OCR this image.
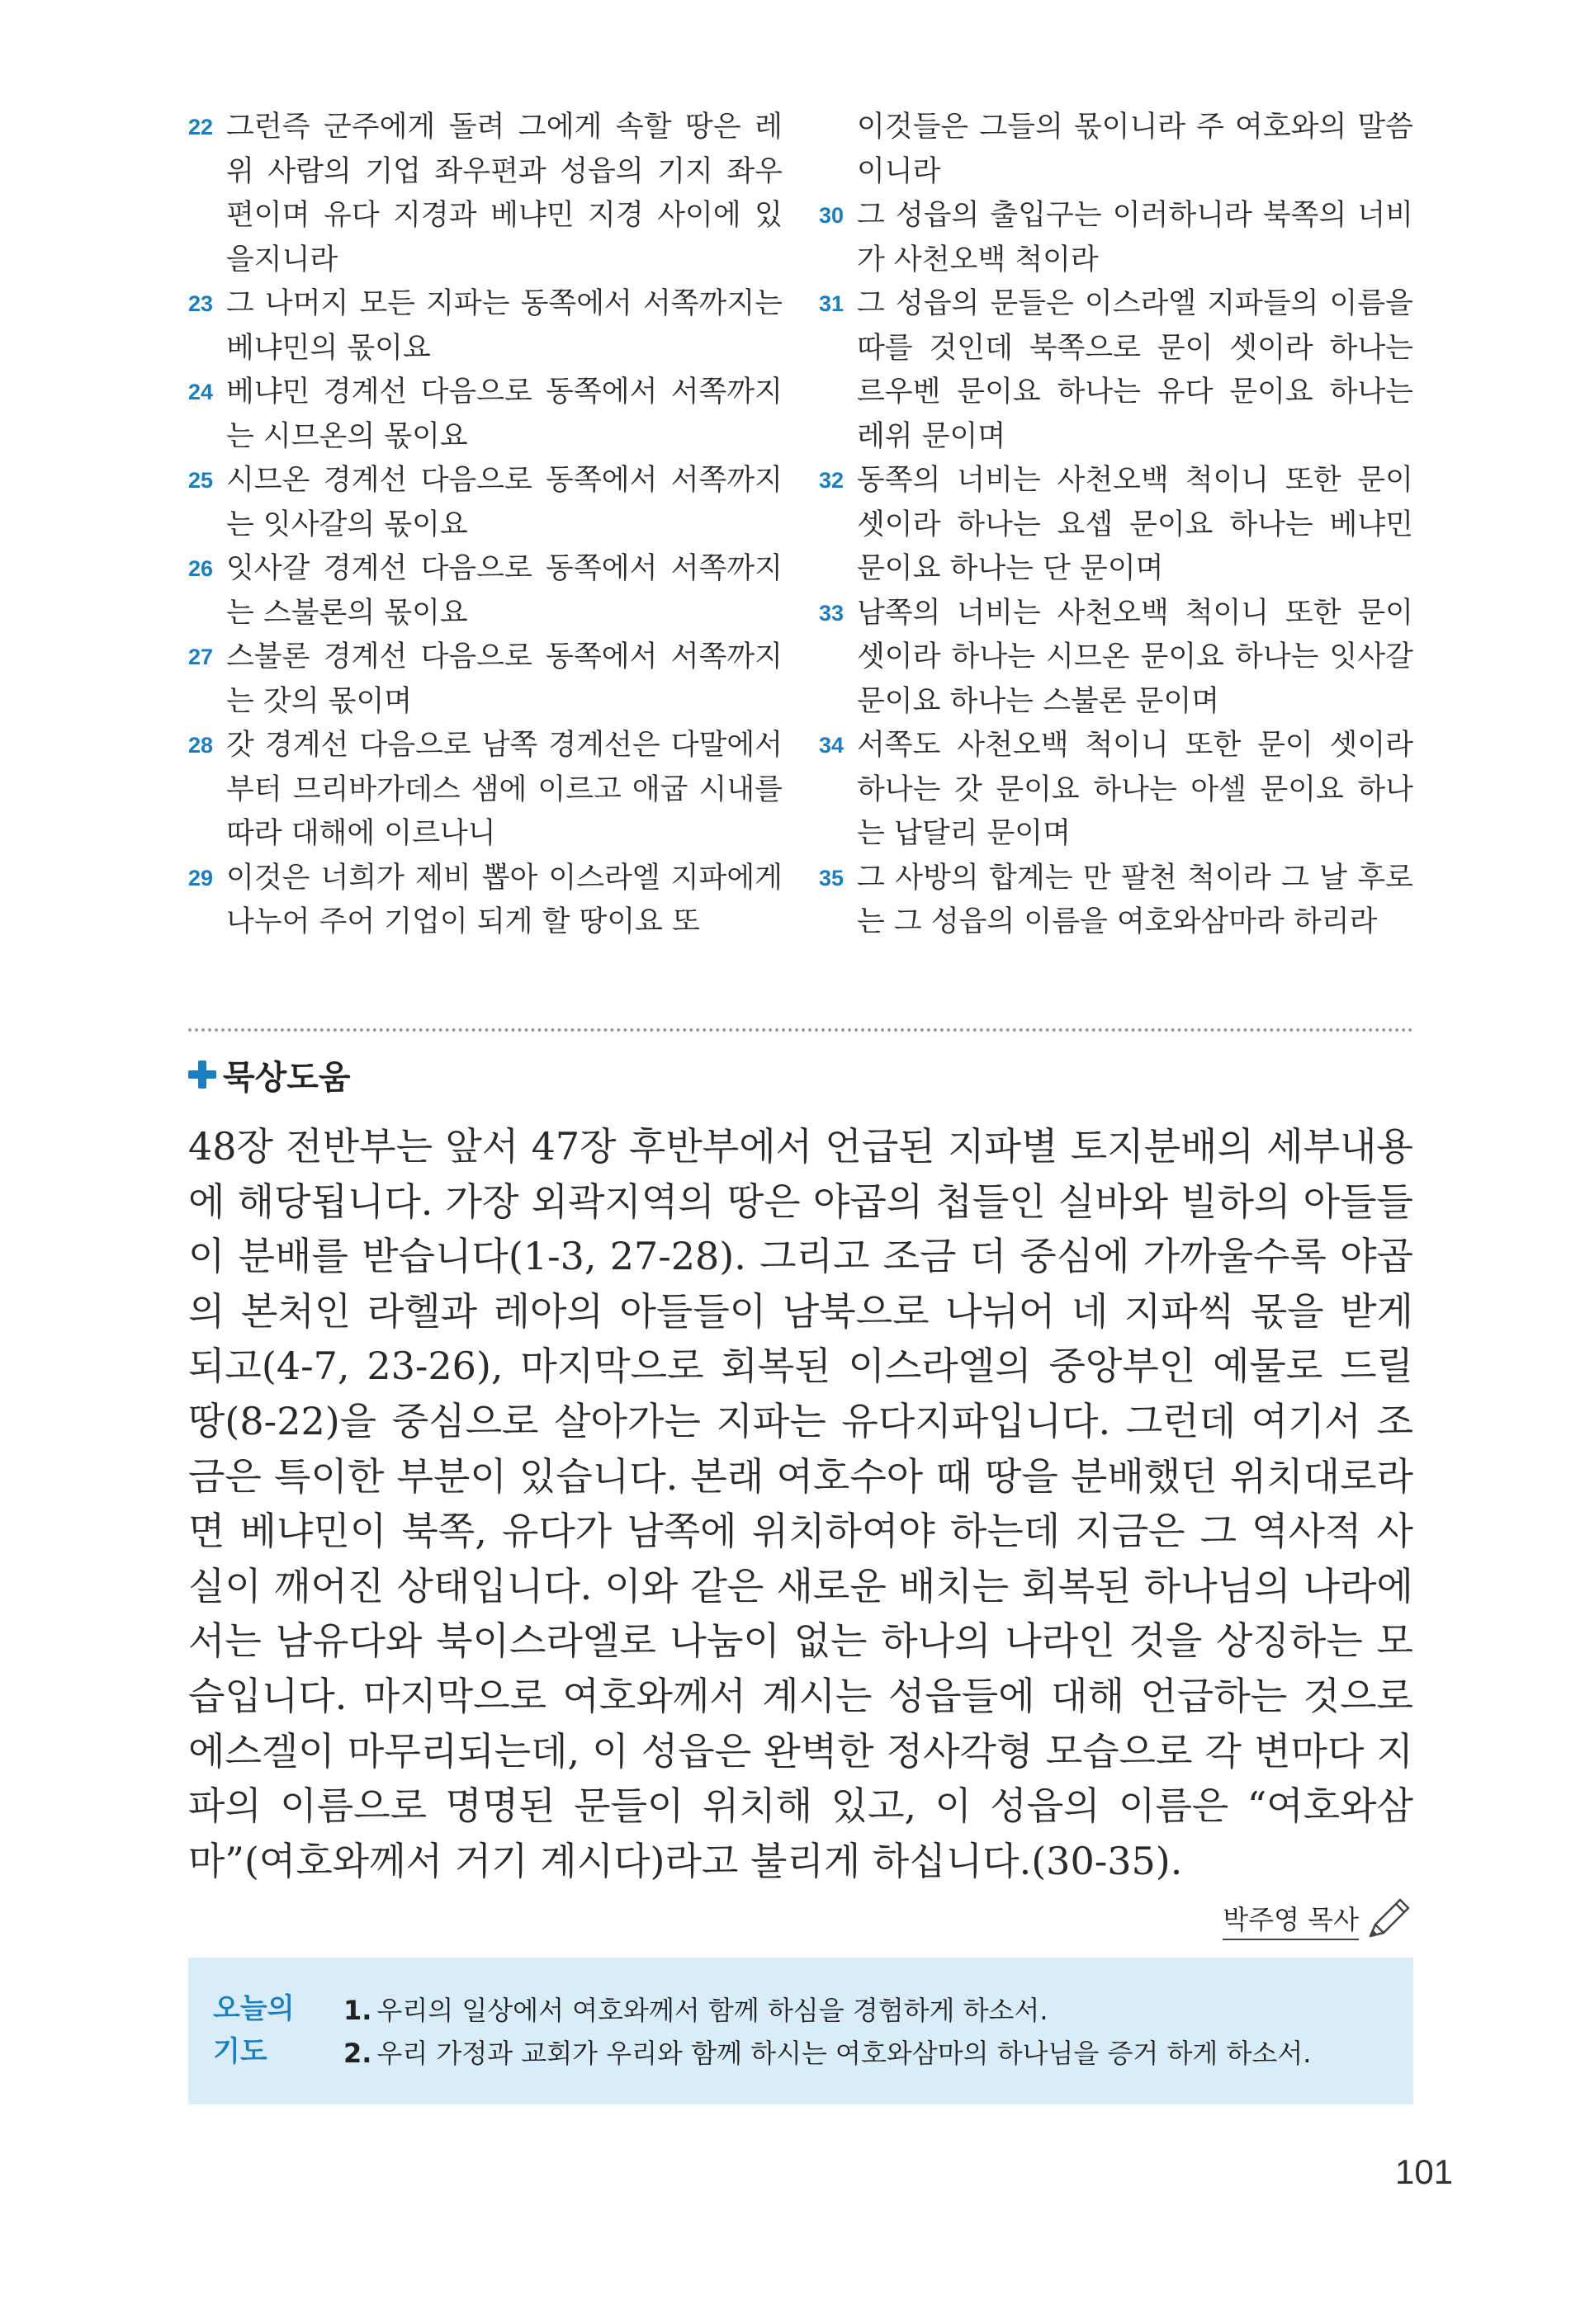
22 그런즉 군주에게 돌려 그에게 속할 땅은 레위 사람의 기업 좌우편과 성읍의 기지 좌우편이며 유다 지경과 베냐민 지경 사이에 있을지니라
23 그 나머지 모든 지파는 동쪽에서 서쪽까지는 베냐민의 몫이요
24 베냐민 경계선 다음으로 동쪽에서 서쪽까지는 시므온의 몫이요
25 시므온 경계선 다음으로 동쪽에서 서쪽까지는 잇사갈의 몫이요
26 잇사갈 경계선 다음으로 동쪽에서 서쪽까지는 스불론의 몫이요
27 스불론 경계선 다음으로 동쪽에서 서쪽까지는 갓의 몫이며
28 갓 경계선 다음으로 남쪽 경계선은 다말에서부터 므리바가데스 샘에 이르고 애굽 시내를 따라 대해에 이르나니
29 이것은 너희가 제비 뽑아 이스라엘 지파에게 나누어 주어 기업이 되게 할 땅이요 또
이것들은 그들의 몫이니라 주 여호와의 말씀이니라
30 그 성읍의 출입구는 이러하니라 북쪽의 너비가 사천오백 척이라
31 그 성읍의 문들은 이스라엘 지파들의 이름을 따를 것인데 북쪽으로 문이 셋이라 하나는 르우벤 문이요 하나는 유다 문이요 하나는 레위 문이며
32 동쪽의 너비는 사천오백 척이니 또한 문이 셋이라 하나는 요셉 문이요 하나는 베냐민 문이요 하나는 단 문이며
33 남쪽의 너비는 사천오백 척이니 또한 문이 셋이라 하나는 시므온 문이요 하나는 잇사갈 문이요 하나는 스불론 문이며
34 서쪽도 사천오백 척이니 또한 문이 셋이라 하나는 갓 문이요 하나는 아셀 문이요 하나는 납달리 문이며
35 그 사방의 합계는 만 팔천 척이라 그 날 후로는 그 성읍의 이름을 여호와삼마라 하리라
묵상도움

48장 전반부는 앞서 47장 후반부에서 언급된 지파별 토지분배의 세부내용에 해당됩니다. 가장 외곽지역의 땅은 야곱의 첩들인 실바와 빌하의 아들들이 분배를 받습니다(1-3, 27-28). 그리고 조금 더 중심에 가까울수록 야곱의 본처인 라헬과 레아의 아들들이 남북으로 나뉘어 네 지파씩 몫을 받게 되고(4-7, 23-26), 마지막으로 회복된 이스라엘의 중앙부인 예물로 드릴 땅(8-22)을 중심으로 살아가는 지파는 유다지파입니다. 그런데 여기서 조금은 특이한 부분이 있습니다. 본래 여호수아 때 땅을 분배했던 위치대로라면 베냐민이 북쪽, 유다가 남쪽에 위치하여야 하는데 지금은 그 역사적 사실이 깨어진 상태입니다. 이와 같은 새로운 배치는 회복된 하나님의 나라에서는 남유다와 북이스라엘로 나눔이 없는 하나의 나라인 것을 상징하는 모습입니다. 마지막으로 여호와께서 계시는 성읍들에 대해 언급하는 것으로 에스겔이 마무리되는데, 이 성읍은 완벽한 정사각형 모습으로 각 변마다 지파의 이름으로 명명된 문들이 위치해 있고, 이 성읍의 이름은 “여호와삼마”(여호와께서 거기 계시다)라고 불리게 하십니다.(30-35).

박주영 목사
오늘의
기도
1. 우리의 일상에서 여호와께서 함께 하심을 경험하게 하소서.
2. 우리 가정과 교회가 우리와 함께 하시는 여호와삼마의 하나님을 증거 하게 하소서.
101
